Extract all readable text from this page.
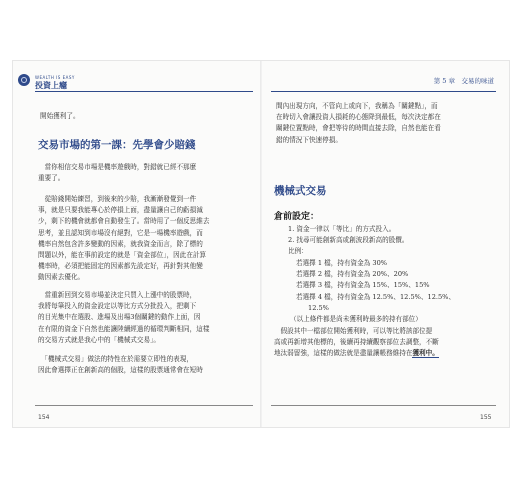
WEALTH IS EASY
投資上癮
開始獲利了。
交易市場的第一課：先學會少賠錢
　當你相信交易市場是機率遊戲時，對錯就已經不那麼
重要了。
　從賠錢開始練習，到後來的少賠，我漸漸發覺到一件
事，就是只要我能專心於停損上面，盡量讓自己的虧損減
少，剩下的機會就都會自動發生了。當時用了一個反思維去
思考，並且認知到市場沒有絕對，它是一場機率遊戲，而
機率自然包含許多變動的因素，就我資金而言，除了標的
問題以外，能在事前設定的就是「資金部位」，因此在計算
機率時，必須把能固定的因素都先設定好，再針對其他變
動因素去優化。
　當重新回到交易市場並決定只買入上漲中的股票時，
我將每筆投入的資金設定以等比方式分批投入，把剩下
的目光集中在選股、進場及出場3個關鍵的動作上面，因
在有限的資金下自然也能讓陸續經過的循環判斷相同，這樣
的交易方式就是我心中的「機械式交易」。
　「機械式交易」做法的特性在於需要立即性的表現，
因此會選擇正在創新高的個股，這樣的股票通常會在短時
154
第 5 章　交易的味道
間內出現方向，不管向上或向下，我稱為「關鍵點」，而
在時切入會讓投資人損耗的心態降到最低，每次決定都在
關鍵位置點時，會把等待的時間直接去除，自然也能在看
錯的情況下快速停損。
機械式交易
倉前設定：
1. 資金一律以「等比」的方式投入。
2. 找尋可能創新高或創波段新高的股價。
比例：
若選擇 1 檔，持有資金為 30%
若選擇 2 檔，持有資金為 20%、20%
若選擇 3 檔，持有資金為 15%、15%、15%
若選擇 4 檔，持有資金為 12.5%、12.5%、12.5%、
12.5%
（以上條件都是尚未獲利時最多的持有部位）
　假設其中一檔部位開始獲利時，可以等比將該部位提
高或再新增其他標的，後續再持續觀察部位去調整，不斷
地汰弱留強，這樣的做法就是盡量讓帳務維持在獲利中。
155
